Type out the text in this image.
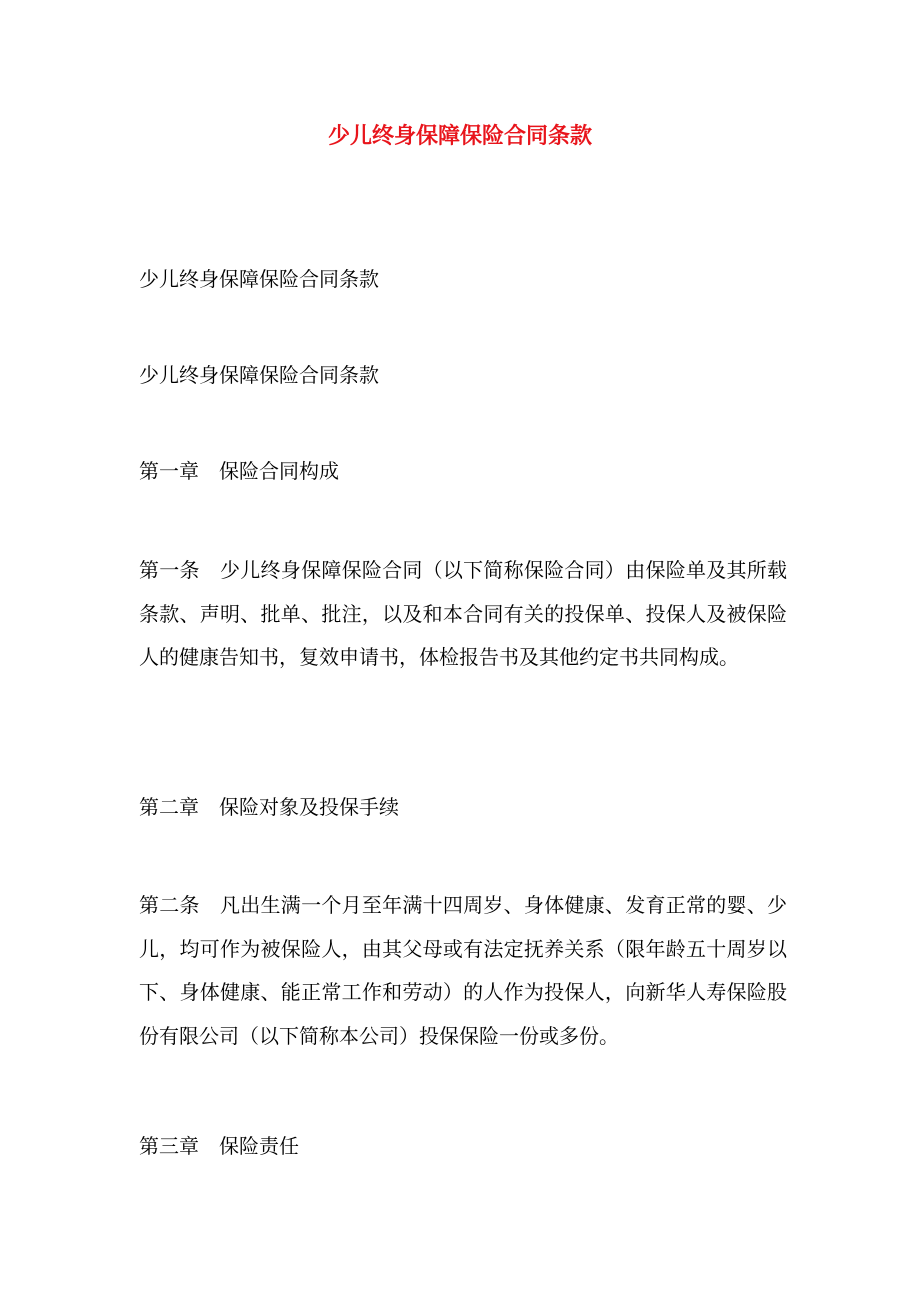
少儿终身保障保险合同条款

少儿终身保障保险合同条款

少儿终身保障保险合同条款

第一章　保险合同构成

第一条　少儿终身保障保险合同（以下简称保险合同）由保险单及其所载条款、声明、批单、批注，以及和本合同有关的投保单、投保人及被保险人的健康告知书，复效申请书，体检报告书及其他约定书共同构成。

第二章　保险对象及投保手续

第二条　凡出生满一个月至年满十四周岁、身体健康、发育正常的婴、少儿，均可作为被保险人，由其父母或有法定抚养关系（限年龄五十周岁以下、身体健康、能正常工作和劳动）的人作为投保人，向新华人寿保险股份有限公司（以下简称本公司）投保保险一份或多份。

第三章　保险责任
